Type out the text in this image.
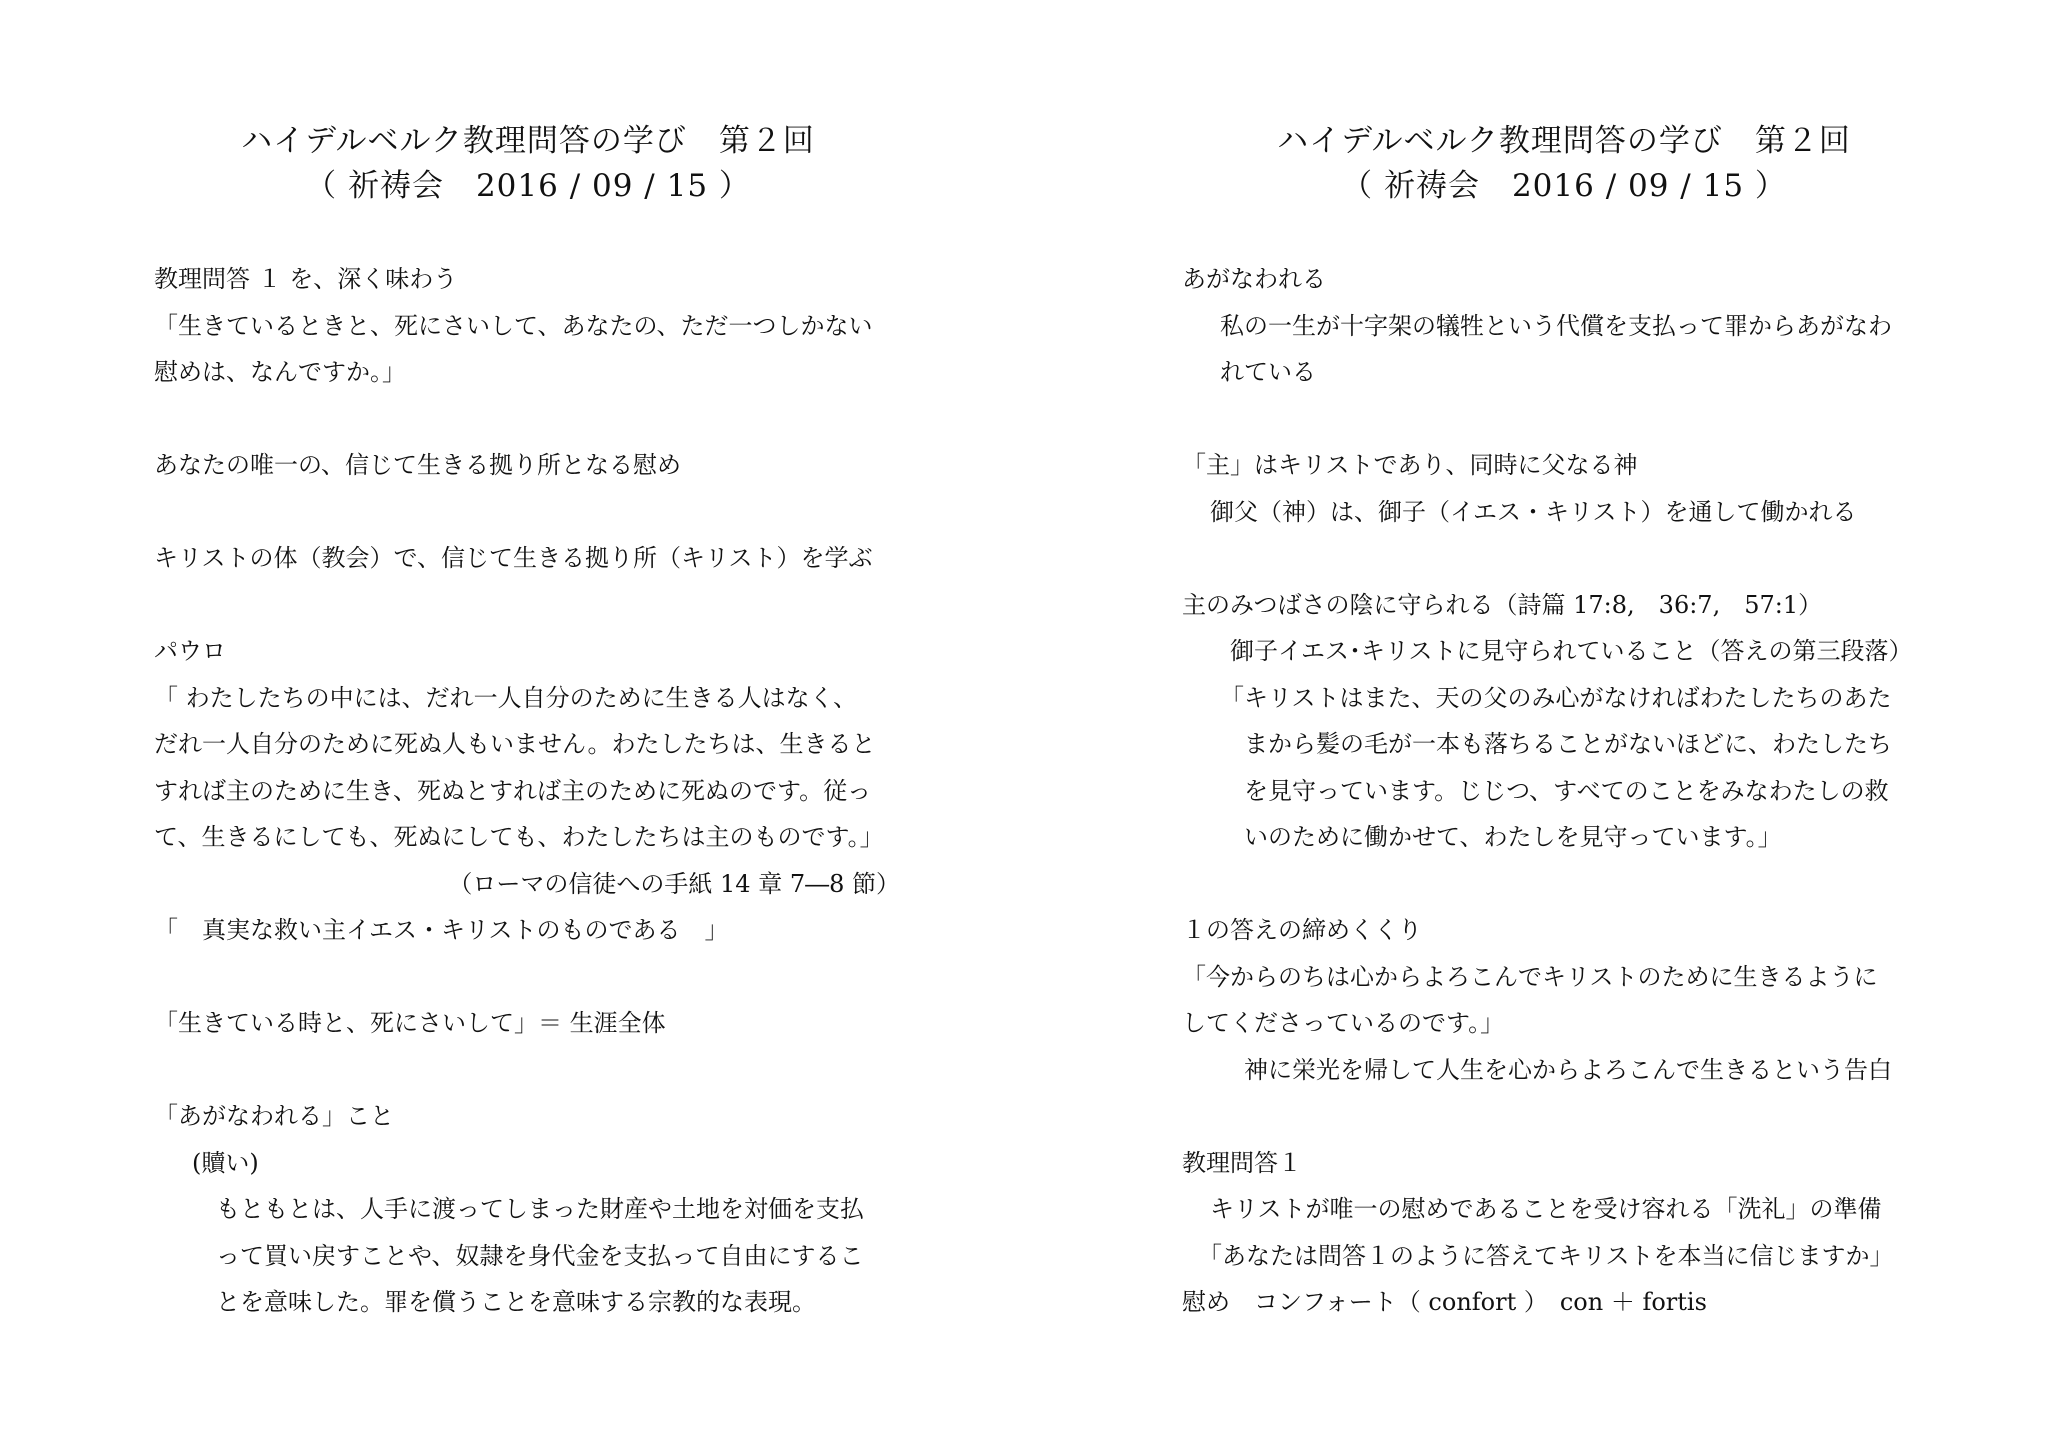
ハイデルベルク教理問答の学び　第２回
（ 祈祷会　2016 / 09 / 15 ）
教理問答 １ を、深く味わう
「生きているときと、死にさいして、あなたの、ただ一つしかない
慰めは、なんですか。」
あなたの唯一の、信じて生きる拠り所となる慰め
キリストの体（教会）で、信じて生きる拠り所（キリスト）を学ぶ
パウロ
「 わたしたちの中には、だれ一人自分のために生きる人はなく、
だれ一人自分のために死ぬ人もいません。わたしたちは、生きると
すれば主のために生き、死ぬとすれば主のために死ぬのです。従っ
て、生きるにしても、死ぬにしても、わたしたちは主のものです。」
（ローマの信徒への手紙 14 章 7―8 節）
「　真実な救い主イエス・キリストのものである　」
「生きている時と、死にさいして」＝ 生涯全体
「あがなわれる」こと
(贖い)
もともとは、人手に渡ってしまった財産や土地を対価を支払
って買い戻すことや、奴隷を身代金を支払って自由にするこ
とを意味した。罪を償うことを意味する宗教的な表現。
ハイデルベルク教理問答の学び　第２回
（ 祈祷会　2016 / 09 / 15 ）
あがなわれる
私の一生が十字架の犠牲という代償を支払って罪からあがなわ
れている
「主」はキリストであり、同時に父なる神
御父（神）は、御子（イエス・キリスト）を通して働かれる
主のみつばさの陰に守られる（詩篇 17:8,　36:7,　57:1）
御子イエス･キリストに見守られていること（答えの第三段落）
「キリストはまた、天の父のみ心がなければわたしたちのあた
まから髪の毛が一本も落ちることがないほどに、わたしたち
を見守っています。じじつ、すべてのことをみなわたしの救
いのために働かせて、わたしを見守っています。」
１の答えの締めくくり
「今からのちは心からよろこんでキリストのために生きるように
してくださっているのです。」
神に栄光を帰して人生を心からよろこんで生きるという告白
教理問答１
キリストが唯一の慰めであることを受け容れる「洗礼」の準備
「あなたは問答１のように答えてキリストを本当に信じますか」
慰め　コンフォート（ confort ）　con ＋ fortis
